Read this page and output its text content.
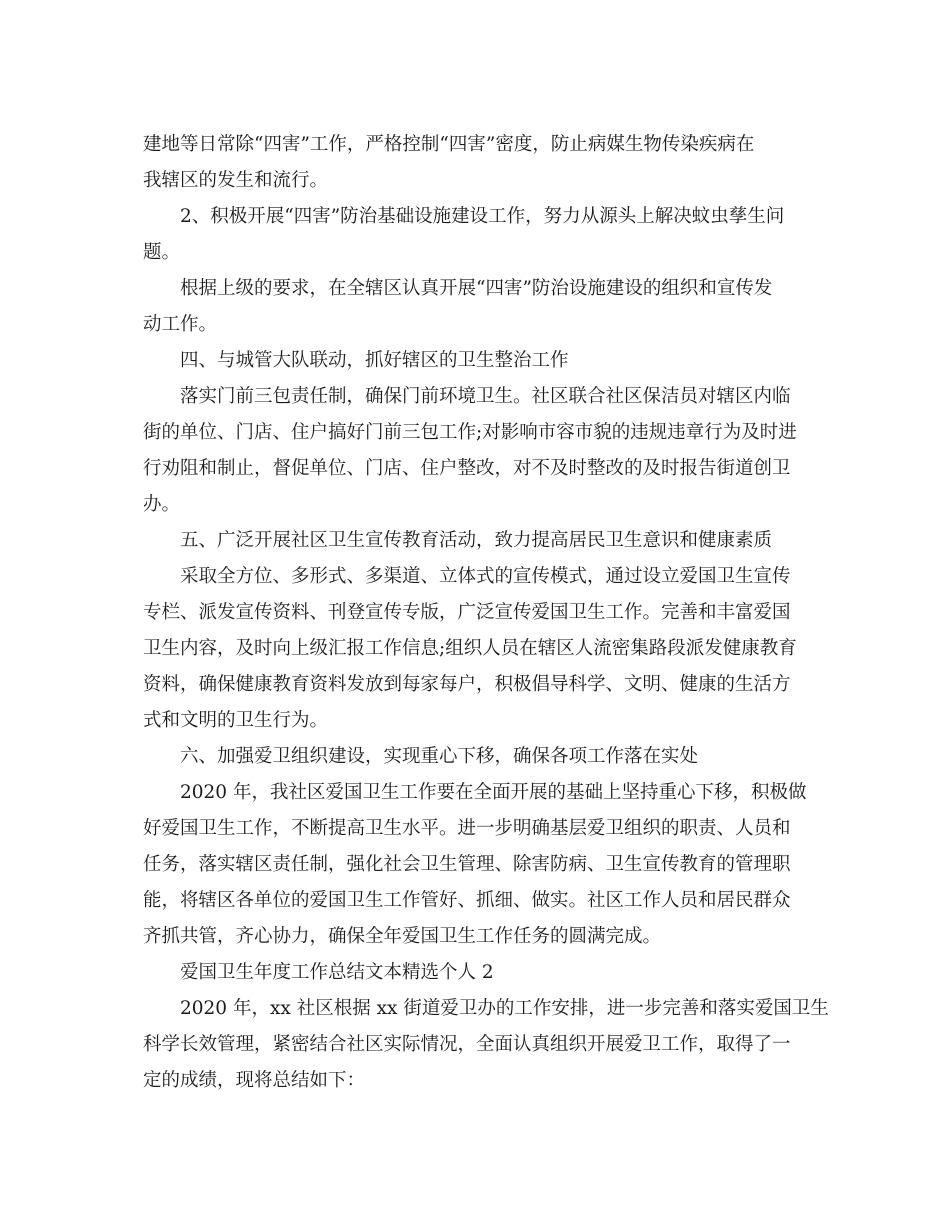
建地等日常除“四害”工作，严格控制“四害”密度，防止病媒生物传染疾病在
我辖区的发生和流行。
2、积极开展“四害”防治基础设施建设工作，努力从源头上解决蚊虫孳生问
题。
根据上级的要求，在全辖区认真开展“四害”防治设施建设的组织和宣传发
动工作。
四、与城管大队联动，抓好辖区的卫生整治工作
落实门前三包责任制，确保门前环境卫生。社区联合社区保洁员对辖区内临
街的单位、门店、住户搞好门前三包工作;对影响市容市貌的违规违章行为及时进
行劝阻和制止，督促单位、门店、住户整改，对不及时整改的及时报告街道创卫
办。
五、广泛开展社区卫生宣传教育活动，致力提高居民卫生意识和健康素质
采取全方位、多形式、多渠道、立体式的宣传模式，通过设立爱国卫生宣传
专栏、派发宣传资料、刊登宣传专版，广泛宣传爱国卫生工作。完善和丰富爱国
卫生内容，及时向上级汇报工作信息;组织人员在辖区人流密集路段派发健康教育
资料，确保健康教育资料发放到每家每户，积极倡导科学、文明、健康的生活方
式和文明的卫生行为。
六、加强爱卫组织建设，实现重心下移，确保各项工作落在实处
2020 年，我社区爱国卫生工作要在全面开展的基础上坚持重心下移，积极做
好爱国卫生工作，不断提高卫生水平。进一步明确基层爱卫组织的职责、人员和
任务，落实辖区责任制，强化社会卫生管理、除害防病、卫生宣传教育的管理职
能，将辖区各单位的爱国卫生工作管好、抓细、做实。社区工作人员和居民群众
齐抓共管，齐心协力，确保全年爱国卫生工作任务的圆满完成。
爱国卫生年度工作总结文本精选个人 2
2020 年，xx 社区根据 xx 街道爱卫办的工作安排，进一步完善和落实爱国卫生
科学长效管理，紧密结合社区实际情况，全面认真组织开展爱卫工作，取得了一
定的成绩，现将总结如下：
